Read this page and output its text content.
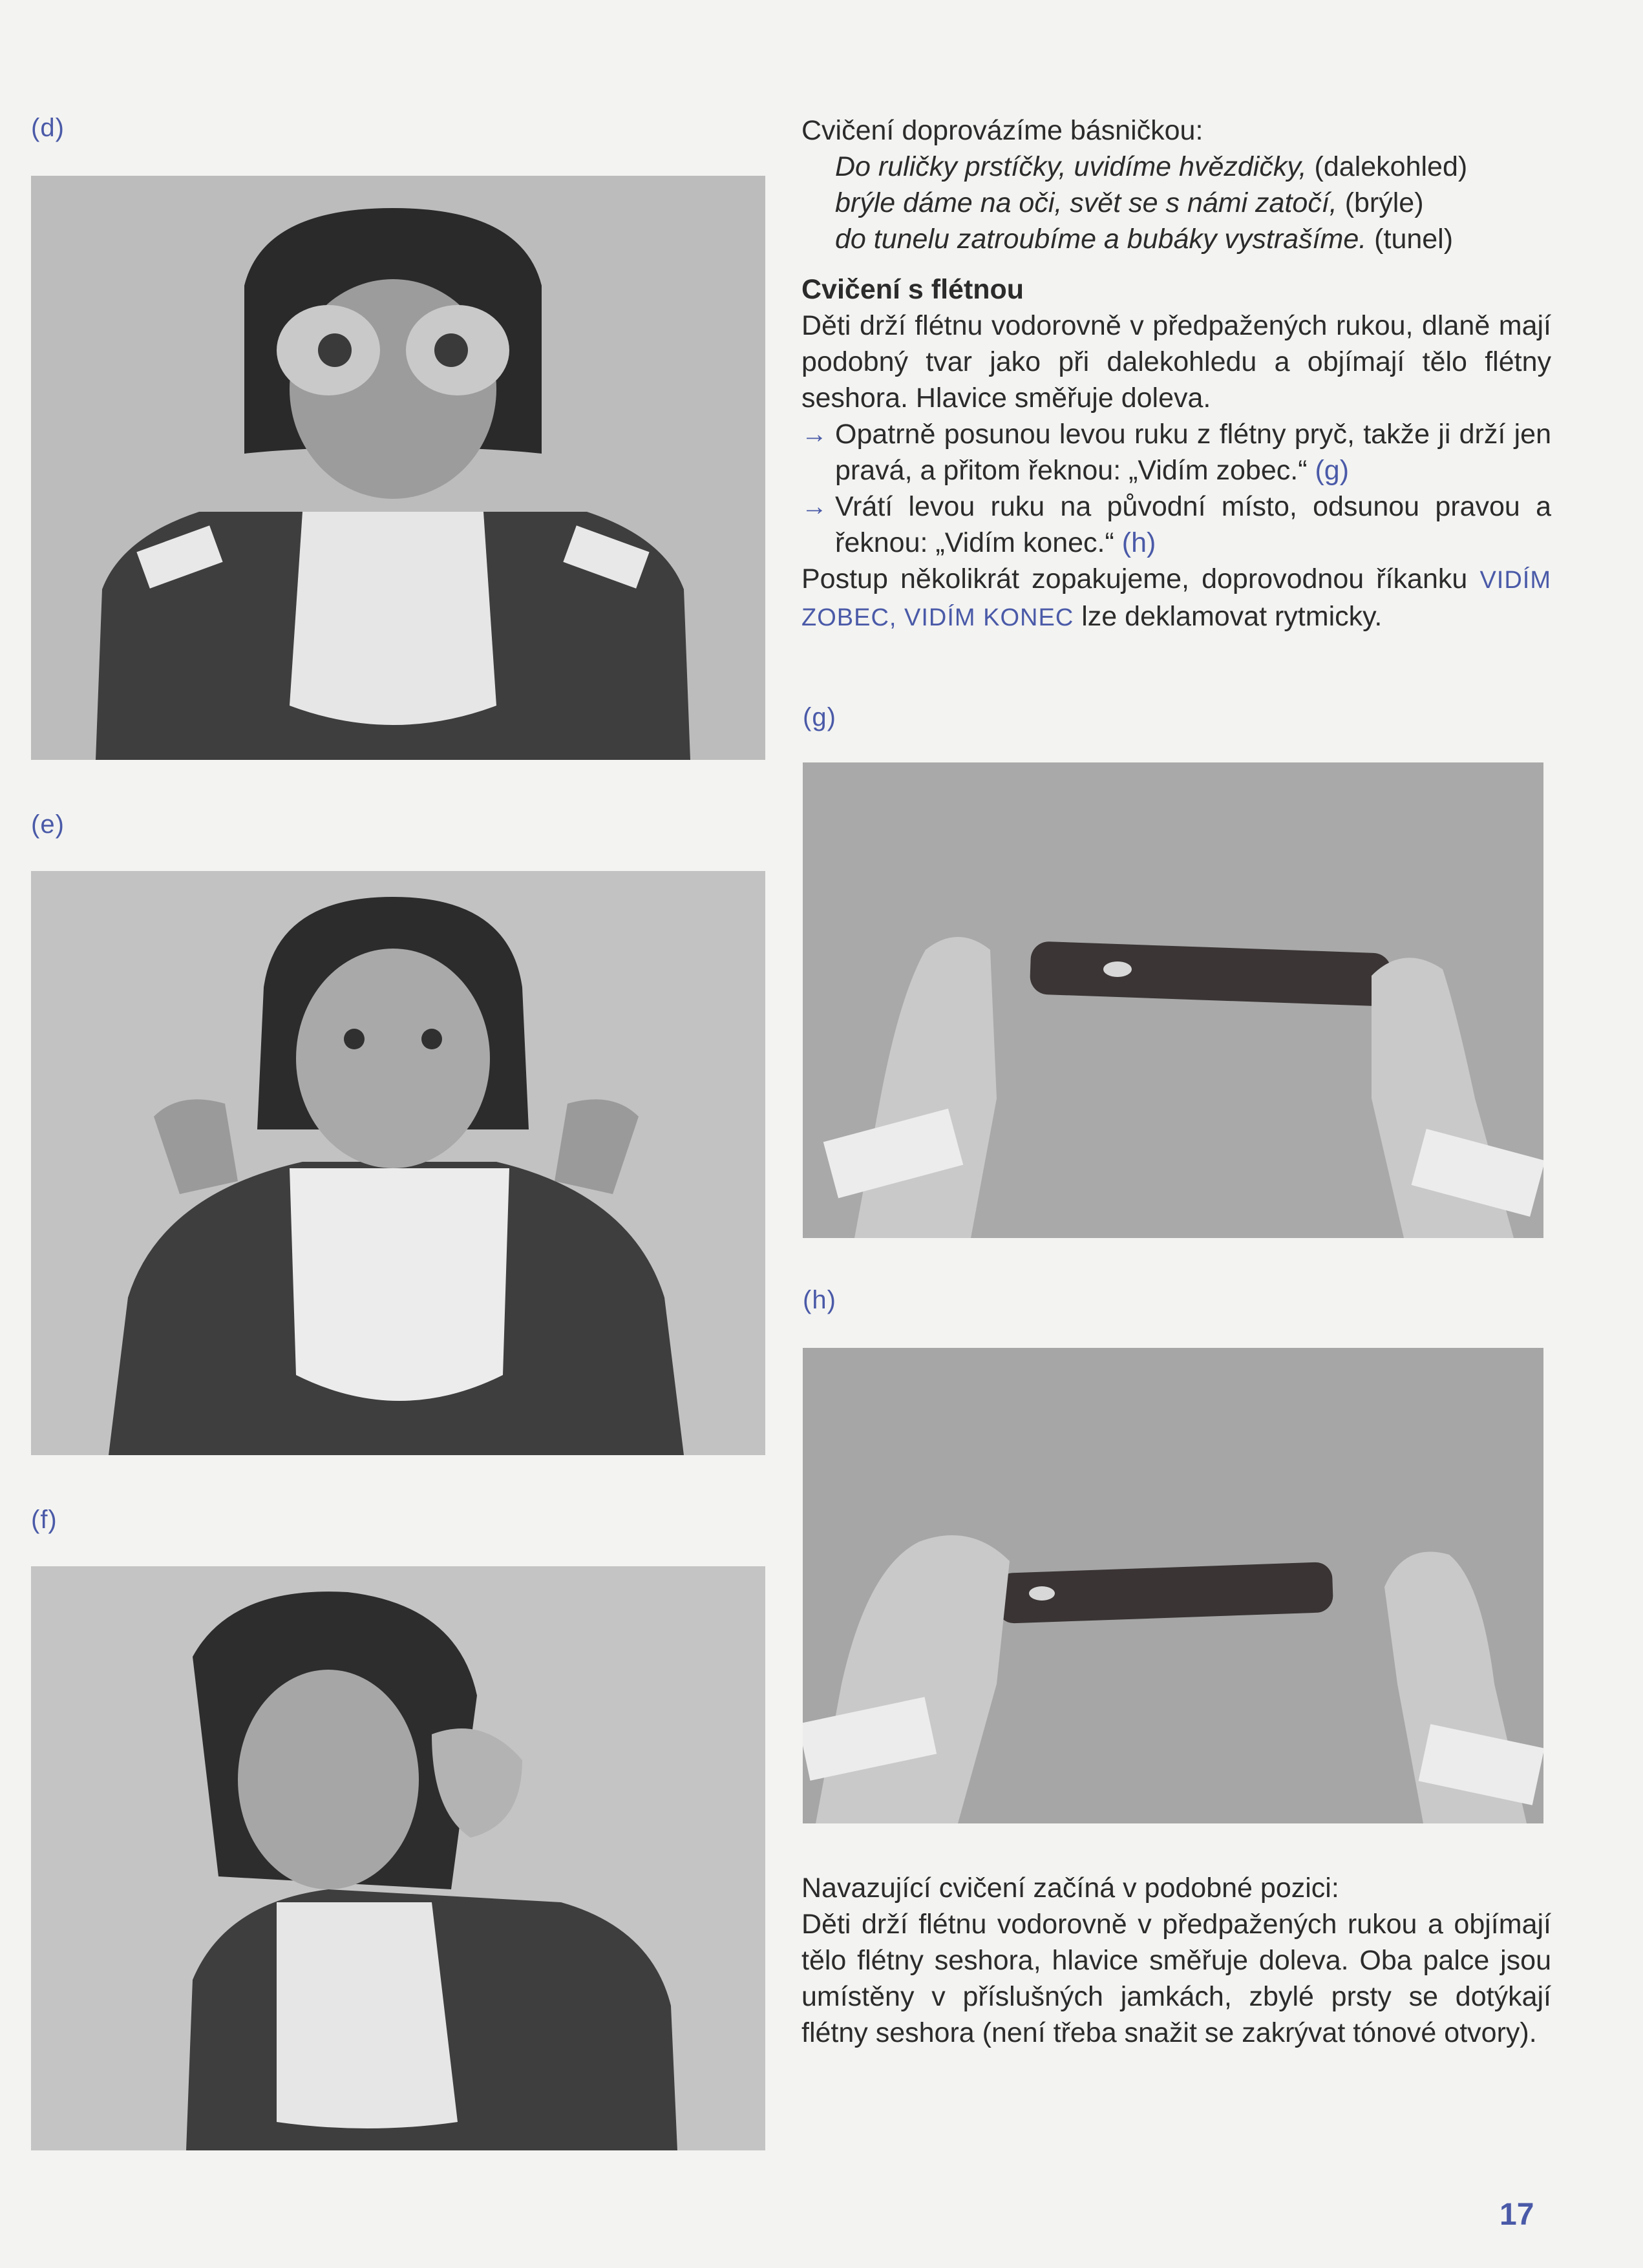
(d)
(e)
(f)
(g)
(h)

Cvičení doprovázíme básničkou:

Do ruličky prstíčky, uvidíme hvězdičky, (dalekohled)

brýle dáme na oči, svět se s námi zatočí, (brýle)

do tunelu zatroubíme a bubáky vystrašíme. (tunel)

Cvičení s flétnou

Děti drží flétnu vodorovně v předpažených rukou, dlaně mají podobný tvar jako při dalekohledu a objímají tělo flétny seshora. Hlavice směřuje doleva.

→ Opatrně posunou levou ruku z flétny pryč, takže ji drží jen pravá, a přitom řeknou: „Vidím zobec.“ (g)

→ Vrátí levou ruku na původní místo, odsunou pravou a řeknou: „Vidím konec.“ (h)

Postup několikrát zopakujeme, doprovodnou říkanku VIDÍM ZOBEC, VIDÍM KONEC lze deklamovat rytmicky.

Navazující cvičení začíná v podobné pozici:

Děti drží flétnu vodorovně v předpažených rukou a objímají tělo flétny seshora, hlavice směřuje doleva. Oba palce jsou umístěny v příslušných jamkách, zbylé prsty se dotýkají flétny seshora (není třeba snažit se zakrývat tónové otvory).

17
